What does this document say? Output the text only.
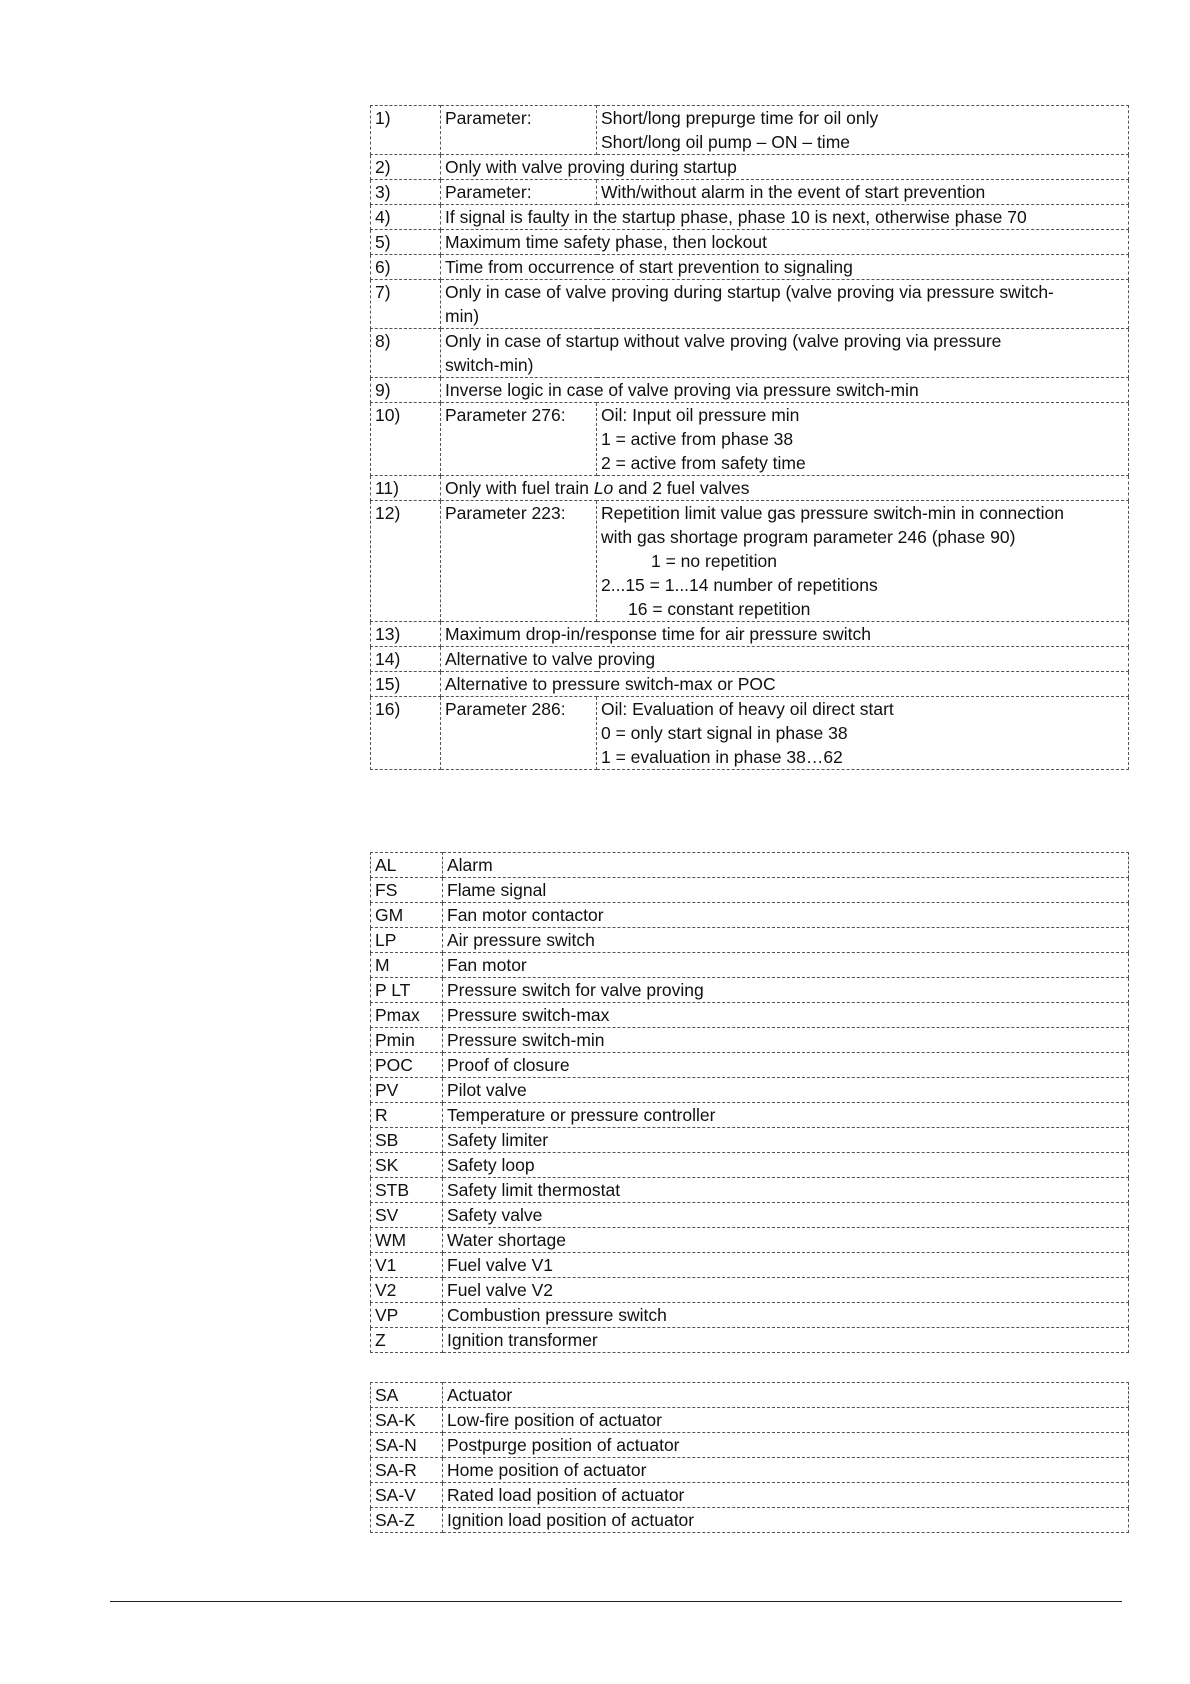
1)	Parameter:	Short/long prepurge time for oil only
Short/long oil pump – ON – time

2)	Only with valve proving during startup	
3)	Parameter:	With/without alarm in the event of start prevention
4)	If signal is faulty in the startup phase, phase 10 is next, otherwise phase 70	
5)	Maximum time safety phase, then lockout	
6)	Time from occurrence of start prevention to signaling	
7)	Only in case of valve proving during startup (valve proving via pressure switch-
min)	

8)	Only in case of startup without valve proving (valve proving via pressure
switch-min)	

9)	Inverse logic in case of valve proving via pressure switch-min	
10)	Parameter 276:	Oil: Input oil pressure min
1 = active from phase 38
2 = active from safety time

11)	Only with fuel train Lo and 2 fuel valves	
12)	Parameter 223:	Repetition limit value gas pressure switch-min in connection
with gas shortage program parameter 246 (phase 90)
1 = no repetition
2...15 = 1...14 number of repetitions
16 = constant repetition

13)	Maximum drop-in/response time for air pressure switch	
14)	Alternative to valve proving	
15)	Alternative to pressure switch-max or POC	
16)	Parameter 286:	Oil: Evaluation of heavy oil direct start
0 = only start signal in phase 38
1 = evaluation in phase 38…62
AL	Alarm
FS	Flame signal
GM	Fan motor contactor
LP	Air pressure switch
M	Fan motor
P LT	Pressure switch for valve proving
Pmax	Pressure switch-max
Pmin	Pressure switch-min
POC	Proof of closure
PV	Pilot valve
R	Temperature or pressure controller
SB	Safety limiter
SK	Safety loop
STB	Safety limit thermostat
SV	Safety valve
WM	Water shortage
V1	Fuel valve V1
V2	Fuel valve V2
VP	Combustion pressure switch
Z	Ignition transformer
SA	Actuator
SA-K	Low-fire position of actuator
SA-N	Postpurge position of actuator
SA-R	Home position of actuator
SA-V	Rated load position of actuator
SA-Z	Ignition load position of actuator
